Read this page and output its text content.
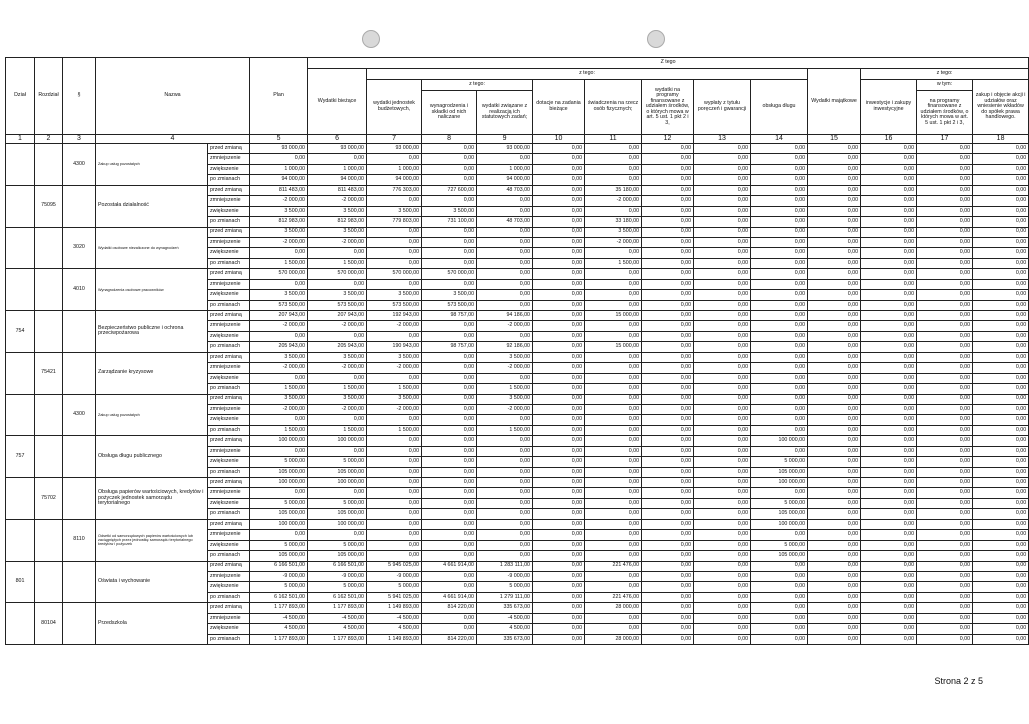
Dział	Rozdział	§	Nazwa		Plan	Z tego												
						Wydatki bieżące	z tego:								Wydatki majątkowe	z tego:		
							wydatki jednostek budżetowych,	z tego:		dotacje na zadania bieżące	świadczenia na rzecz osób fizycznych;	wydatki na programy finansowane z udziałem środków, o których mowa w art. 5 ust. 1 pkt 2 i 3,	wypłaty z tytułu poręczeń i gwarancji	obsługa długu		inwestycje i zakupy inwestycyjne	w tym:	zakup i objęcie akcji i udziałów oraz wniesienie wkładów do spółek prawa handlowego.
								wynagrodzenia i składki od nich naliczane	wydatki związane z realizacją ich statutowych zadań;								na programy finansowane z udziałem środków, o których mowa w art. 5 ust. 1 pkt 2 i 3,	
1	2	3	4		5	6	7	8	9	10	11	12	13	14	15	16	17	18
		4300	Zakup usług pozostałych	przed zmianą	93 000,00	93 000,00	93 000,00	0,00	93 000,00	0,00	0,00	0,00	0,00	0,00	0,00	0,00	0,00	0,00
				zmniejszenie	0,00	0,00	0,00	0,00	0,00	0,00	0,00	0,00	0,00	0,00	0,00	0,00	0,00	0,00
				zwiększenie	1 000,00	1 000,00	1 000,00	0,00	1 000,00	0,00	0,00	0,00	0,00	0,00	0,00	0,00	0,00	0,00
				po zmianach	94 000,00	94 000,00	94 000,00	0,00	94 000,00	0,00	0,00	0,00	0,00	0,00	0,00	0,00	0,00	0,00
	75095		Pozostała działalność	przed zmianą	811 483,00	811 483,00	776 303,00	727 600,00	48 703,00	0,00	35 180,00	0,00	0,00	0,00	0,00	0,00	0,00	0,00
				zmniejszenie	-2 000,00	-2 000,00	0,00	0,00	0,00	0,00	-2 000,00	0,00	0,00	0,00	0,00	0,00	0,00	0,00
				zwiększenie	3 500,00	3 500,00	3 500,00	3 500,00	0,00	0,00	0,00	0,00	0,00	0,00	0,00	0,00	0,00	0,00
				po zmianach	812 983,00	812 983,00	779 803,00	731 100,00	48 703,00	0,00	33 180,00	0,00	0,00	0,00	0,00	0,00	0,00	0,00
		3020	Wydatki osobowe niezaliczone do wynagrodzeń	przed zmianą	3 500,00	3 500,00	0,00	0,00	0,00	0,00	3 500,00	0,00	0,00	0,00	0,00	0,00	0,00	0,00
				zmniejszenie	-2 000,00	-2 000,00	0,00	0,00	0,00	0,00	-2 000,00	0,00	0,00	0,00	0,00	0,00	0,00	0,00
				zwiększenie	0,00	0,00	0,00	0,00	0,00	0,00	0,00	0,00	0,00	0,00	0,00	0,00	0,00	0,00
				po zmianach	1 500,00	1 500,00	0,00	0,00	0,00	0,00	1 500,00	0,00	0,00	0,00	0,00	0,00	0,00	0,00
		4010	Wynagrodzenia osobowe pracowników	przed zmianą	570 000,00	570 000,00	570 000,00	570 000,00	0,00	0,00	0,00	0,00	0,00	0,00	0,00	0,00	0,00	0,00
				zmniejszenie	0,00	0,00	0,00	0,00	0,00	0,00	0,00	0,00	0,00	0,00	0,00	0,00	0,00	0,00
				zwiększenie	3 500,00	3 500,00	3 500,00	3 500,00	0,00	0,00	0,00	0,00	0,00	0,00	0,00	0,00	0,00	0,00
				po zmianach	573 500,00	573 500,00	573 500,00	573 500,00	0,00	0,00	0,00	0,00	0,00	0,00	0,00	0,00	0,00	0,00
754			Bezpieczeństwo publiczne i ochrona przeciwpożarowa	przed zmianą	207 943,00	207 943,00	192 943,00	98 757,00	94 186,00	0,00	15 000,00	0,00	0,00	0,00	0,00	0,00	0,00	0,00
				zmniejszenie	-2 000,00	-2 000,00	-2 000,00	0,00	-2 000,00	0,00	0,00	0,00	0,00	0,00	0,00	0,00	0,00	0,00
				zwiększenie	0,00	0,00	0,00	0,00	0,00	0,00	0,00	0,00	0,00	0,00	0,00	0,00	0,00	0,00
				po zmianach	205 943,00	205 943,00	190 943,00	98 757,00	92 186,00	0,00	15 000,00	0,00	0,00	0,00	0,00	0,00	0,00	0,00
	75421		Zarządzanie kryzysowe	przed zmianą	3 500,00	3 500,00	3 500,00	0,00	3 500,00	0,00	0,00	0,00	0,00	0,00	0,00	0,00	0,00	0,00
				zmniejszenie	-2 000,00	-2 000,00	-2 000,00	0,00	-2 000,00	0,00	0,00	0,00	0,00	0,00	0,00	0,00	0,00	0,00
				zwiększenie	0,00	0,00	0,00	0,00	0,00	0,00	0,00	0,00	0,00	0,00	0,00	0,00	0,00	0,00
				po zmianach	1 500,00	1 500,00	1 500,00	0,00	1 500,00	0,00	0,00	0,00	0,00	0,00	0,00	0,00	0,00	0,00
		4300	Zakup usług pozostałych	przed zmianą	3 500,00	3 500,00	3 500,00	0,00	3 500,00	0,00	0,00	0,00	0,00	0,00	0,00	0,00	0,00	0,00
				zmniejszenie	-2 000,00	-2 000,00	-2 000,00	0,00	-2 000,00	0,00	0,00	0,00	0,00	0,00	0,00	0,00	0,00	0,00
				zwiększenie	0,00	0,00	0,00	0,00	0,00	0,00	0,00	0,00	0,00	0,00	0,00	0,00	0,00	0,00
				po zmianach	1 500,00	1 500,00	1 500,00	0,00	1 500,00	0,00	0,00	0,00	0,00	0,00	0,00	0,00	0,00	0,00
757			Obsługa długu publicznego	przed zmianą	100 000,00	100 000,00	0,00	0,00	0,00	0,00	0,00	0,00	0,00	100 000,00	0,00	0,00	0,00	0,00
				zmniejszenie	0,00	0,00	0,00	0,00	0,00	0,00	0,00	0,00	0,00	0,00	0,00	0,00	0,00	0,00
				zwiększenie	5 000,00	5 000,00	0,00	0,00	0,00	0,00	0,00	0,00	0,00	5 000,00	0,00	0,00	0,00	0,00
				po zmianach	105 000,00	105 000,00	0,00	0,00	0,00	0,00	0,00	0,00	0,00	105 000,00	0,00	0,00	0,00	0,00
	75702		Obsługa papierów wartościowych, kredytów i pożyczek jednostek samorządu terytorialnego	przed zmianą	100 000,00	100 000,00	0,00	0,00	0,00	0,00	0,00	0,00	0,00	100 000,00	0,00	0,00	0,00	0,00
				zmniejszenie	0,00	0,00	0,00	0,00	0,00	0,00	0,00	0,00	0,00	0,00	0,00	0,00	0,00	0,00
				zwiększenie	5 000,00	5 000,00	0,00	0,00	0,00	0,00	0,00	0,00	0,00	5 000,00	0,00	0,00	0,00	0,00
				po zmianach	105 000,00	105 000,00	0,00	0,00	0,00	0,00	0,00	0,00	0,00	105 000,00	0,00	0,00	0,00	0,00
		8110	Odsetki od samorządowych papierów wartościowych lub zaciągniętych przez jednostkę samorządu terytorialnego kredytów i pożyczek	przed zmianą	100 000,00	100 000,00	0,00	0,00	0,00	0,00	0,00	0,00	0,00	100 000,00	0,00	0,00	0,00	0,00
				zmniejszenie	0,00	0,00	0,00	0,00	0,00	0,00	0,00	0,00	0,00	0,00	0,00	0,00	0,00	0,00
				zwiększenie	5 000,00	5 000,00	0,00	0,00	0,00	0,00	0,00	0,00	0,00	5 000,00	0,00	0,00	0,00	0,00
				po zmianach	105 000,00	105 000,00	0,00	0,00	0,00	0,00	0,00	0,00	0,00	105 000,00	0,00	0,00	0,00	0,00
801			Oświata i wychowanie	przed zmianą	6 166 501,00	6 166 501,00	5 945 025,00	4 661 914,00	1 283 111,00	0,00	221 476,00	0,00	0,00	0,00	0,00	0,00	0,00	0,00
				zmniejszenie	-9 000,00	-9 000,00	-9 000,00	0,00	-9 000,00	0,00	0,00	0,00	0,00	0,00	0,00	0,00	0,00	0,00
				zwiększenie	5 000,00	5 000,00	5 000,00	0,00	5 000,00	0,00	0,00	0,00	0,00	0,00	0,00	0,00	0,00	0,00
				po zmianach	6 162 501,00	6 162 501,00	5 941 025,00	4 661 914,00	1 279 111,00	0,00	221 476,00	0,00	0,00	0,00	0,00	0,00	0,00	0,00
	80104		Przedszkola	przed zmianą	1 177 893,00	1 177 893,00	1 149 893,00	814 220,00	335 673,00	0,00	28 000,00	0,00	0,00	0,00	0,00	0,00	0,00	0,00
				zmniejszenie	-4 500,00	-4 500,00	-4 500,00	0,00	-4 500,00	0,00	0,00	0,00	0,00	0,00	0,00	0,00	0,00	0,00
				zwiększenie	4 500,00	4 500,00	4 500,00	0,00	4 500,00	0,00	0,00	0,00	0,00	0,00	0,00	0,00	0,00	0,00
				po zmianach	1 177 893,00	1 177 893,00	1 149 893,00	814 220,00	335 673,00	0,00	28 000,00	0,00	0,00	0,00	0,00	0,00	0,00	0,00
Strona 2 z 5
